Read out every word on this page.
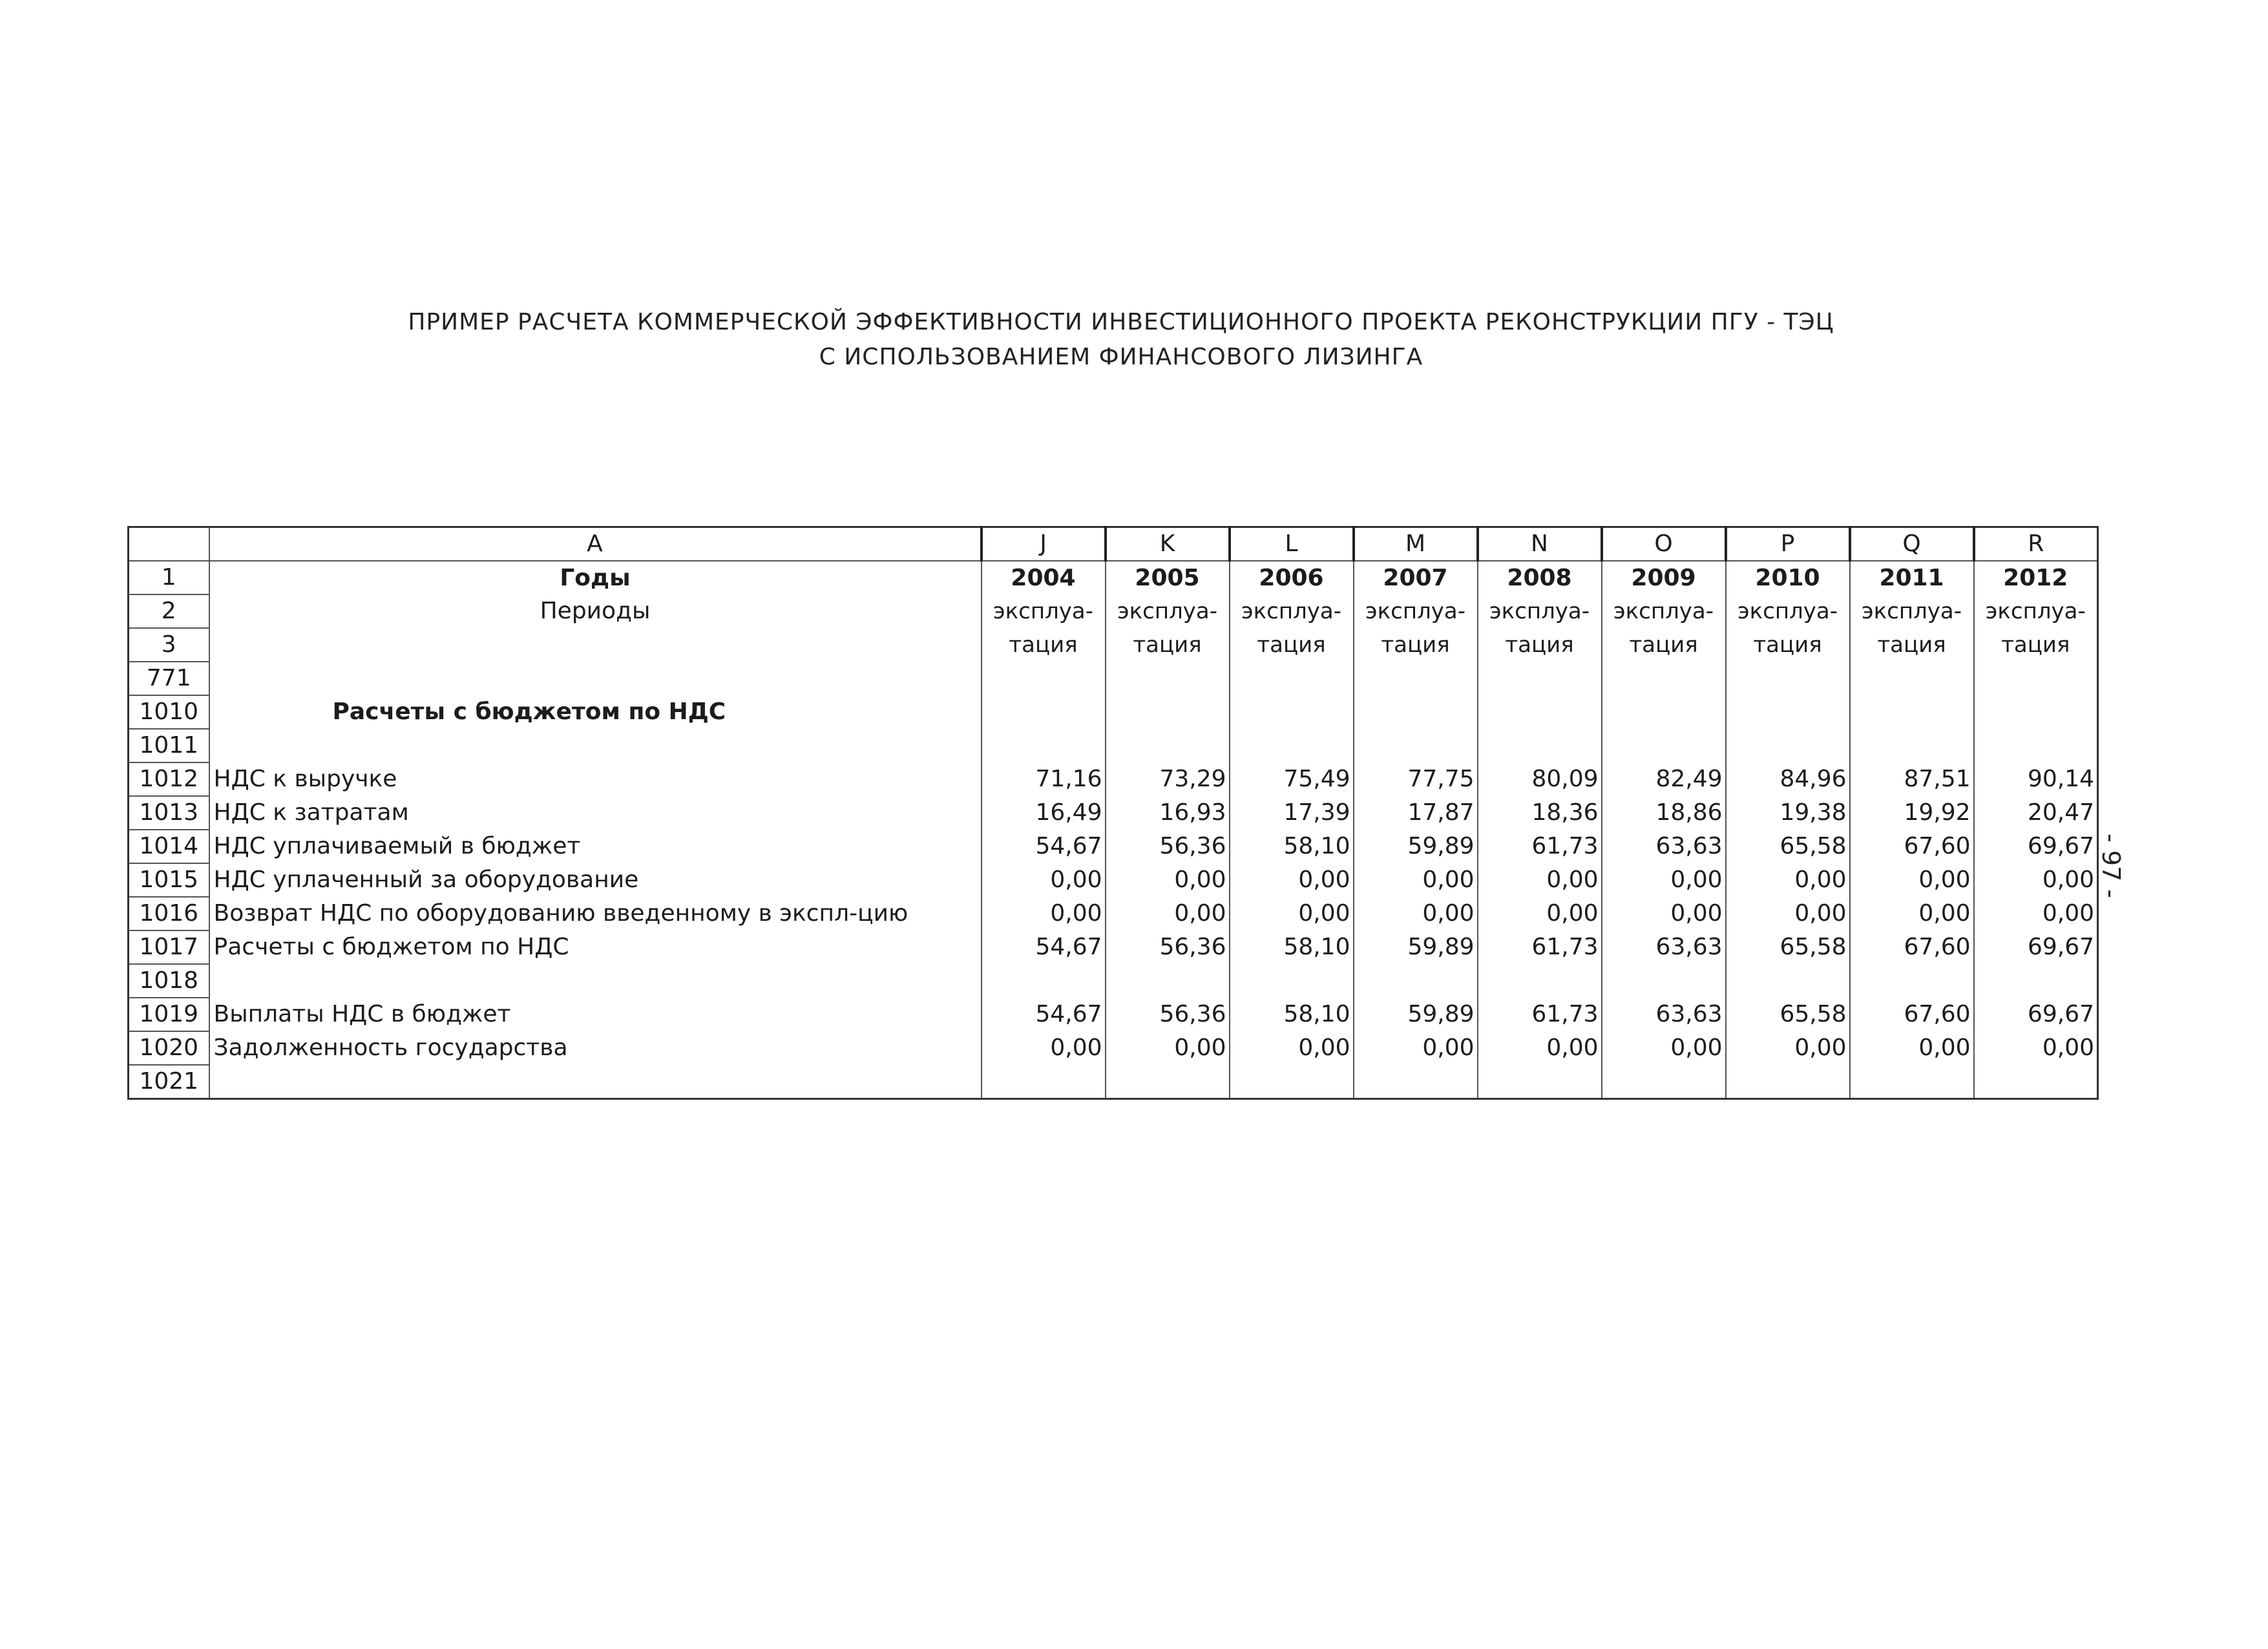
ПРИМЕР РАСЧЕТА КОММЕРЧЕСКОЙ ЭФФЕКТИВНОСТИ ИНВЕСТИЦИОННОГО ПРОЕКТА РЕКОНСТРУКЦИИ ПГУ - ТЭЦ
С ИСПОЛЬЗОВАНИЕМ ФИНАНСОВОГО ЛИЗИНГА
	A	J	K	L	M	N	O	P	Q	R
1	Годы	2004	2005	2006	2007	2008	2009	2010	2011	2012
2	Периоды	эксплуа-	эксплуа-	эксплуа-	эксплуа-	эксплуа-	эксплуа-	эксплуа-	эксплуа-	эксплуа-
3		тация	тация	тация	тация	тация	тация	тация	тация	тация
771										
1010	Расчеты с бюджетом по НДС									
1011										
1012	НДС к выручке	71,16	73,29	75,49	77,75	80,09	82,49	84,96	87,51	90,14
1013	НДС к затратам	16,49	16,93	17,39	17,87	18,36	18,86	19,38	19,92	20,47
1014	НДС уплачиваемый в бюджет	54,67	56,36	58,10	59,89	61,73	63,63	65,58	67,60	69,67
1015	НДС уплаченный за оборудование	0,00	0,00	0,00	0,00	0,00	0,00	0,00	0,00	0,00
1016	Возврат НДС по оборудованию введенному в экспл-цию	0,00	0,00	0,00	0,00	0,00	0,00	0,00	0,00	0,00
1017	Расчеты с бюджетом по НДС	54,67	56,36	58,10	59,89	61,73	63,63	65,58	67,60	69,67
1018										
1019	Выплаты НДС в бюджет	54,67	56,36	58,10	59,89	61,73	63,63	65,58	67,60	69,67
1020	Задолженность государства	0,00	0,00	0,00	0,00	0,00	0,00	0,00	0,00	0,00
1021										
- 97 -
